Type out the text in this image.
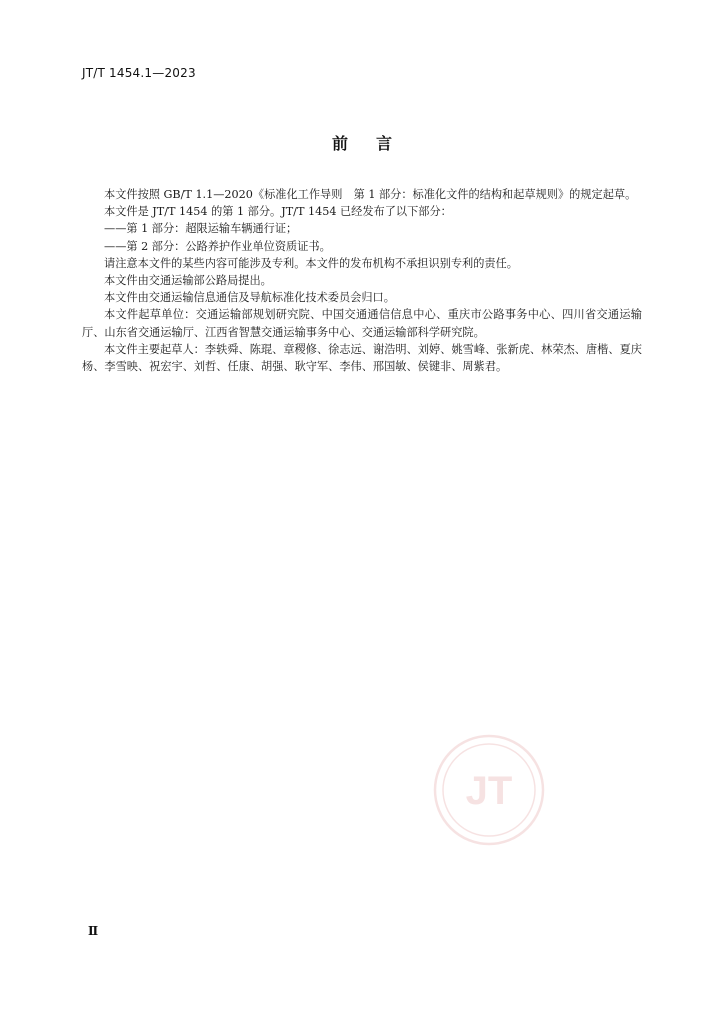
JT/T 1454.1—2023
前言

本文件按照 GB/T 1.1—2020《标准化工作导则　第 1 部分：标准化文件的结构和起草规则》的规定起草。

本文件是 JT/T 1454 的第 1 部分。JT/T 1454 已经发布了以下部分：

——第 1 部分：超限运输车辆通行证；

——第 2 部分：公路养护作业单位资质证书。

请注意本文件的某些内容可能涉及专利。本文件的发布机构不承担识别专利的责任。

本文件由交通运输部公路局提出。

本文件由交通运输信息通信及导航标准化技术委员会归口。

本文件起草单位：交通运输部规划研究院、中国交通通信信息中心、重庆市公路事务中心、四川省交通运输厅、山东省交通运输厅、江西省智慧交通运输事务中心、交通运输部科学研究院。

本文件主要起草人：李轶舜、陈琨、章稷修、徐志远、谢浩明、刘婷、姚雪峰、张新虎、林荣杰、唐楷、夏庆杨、李雪映、祝宏宇、刘哲、任康、胡强、耿守军、李伟、邢国敏、侯键非、周紫君。

JT
Ⅱ
